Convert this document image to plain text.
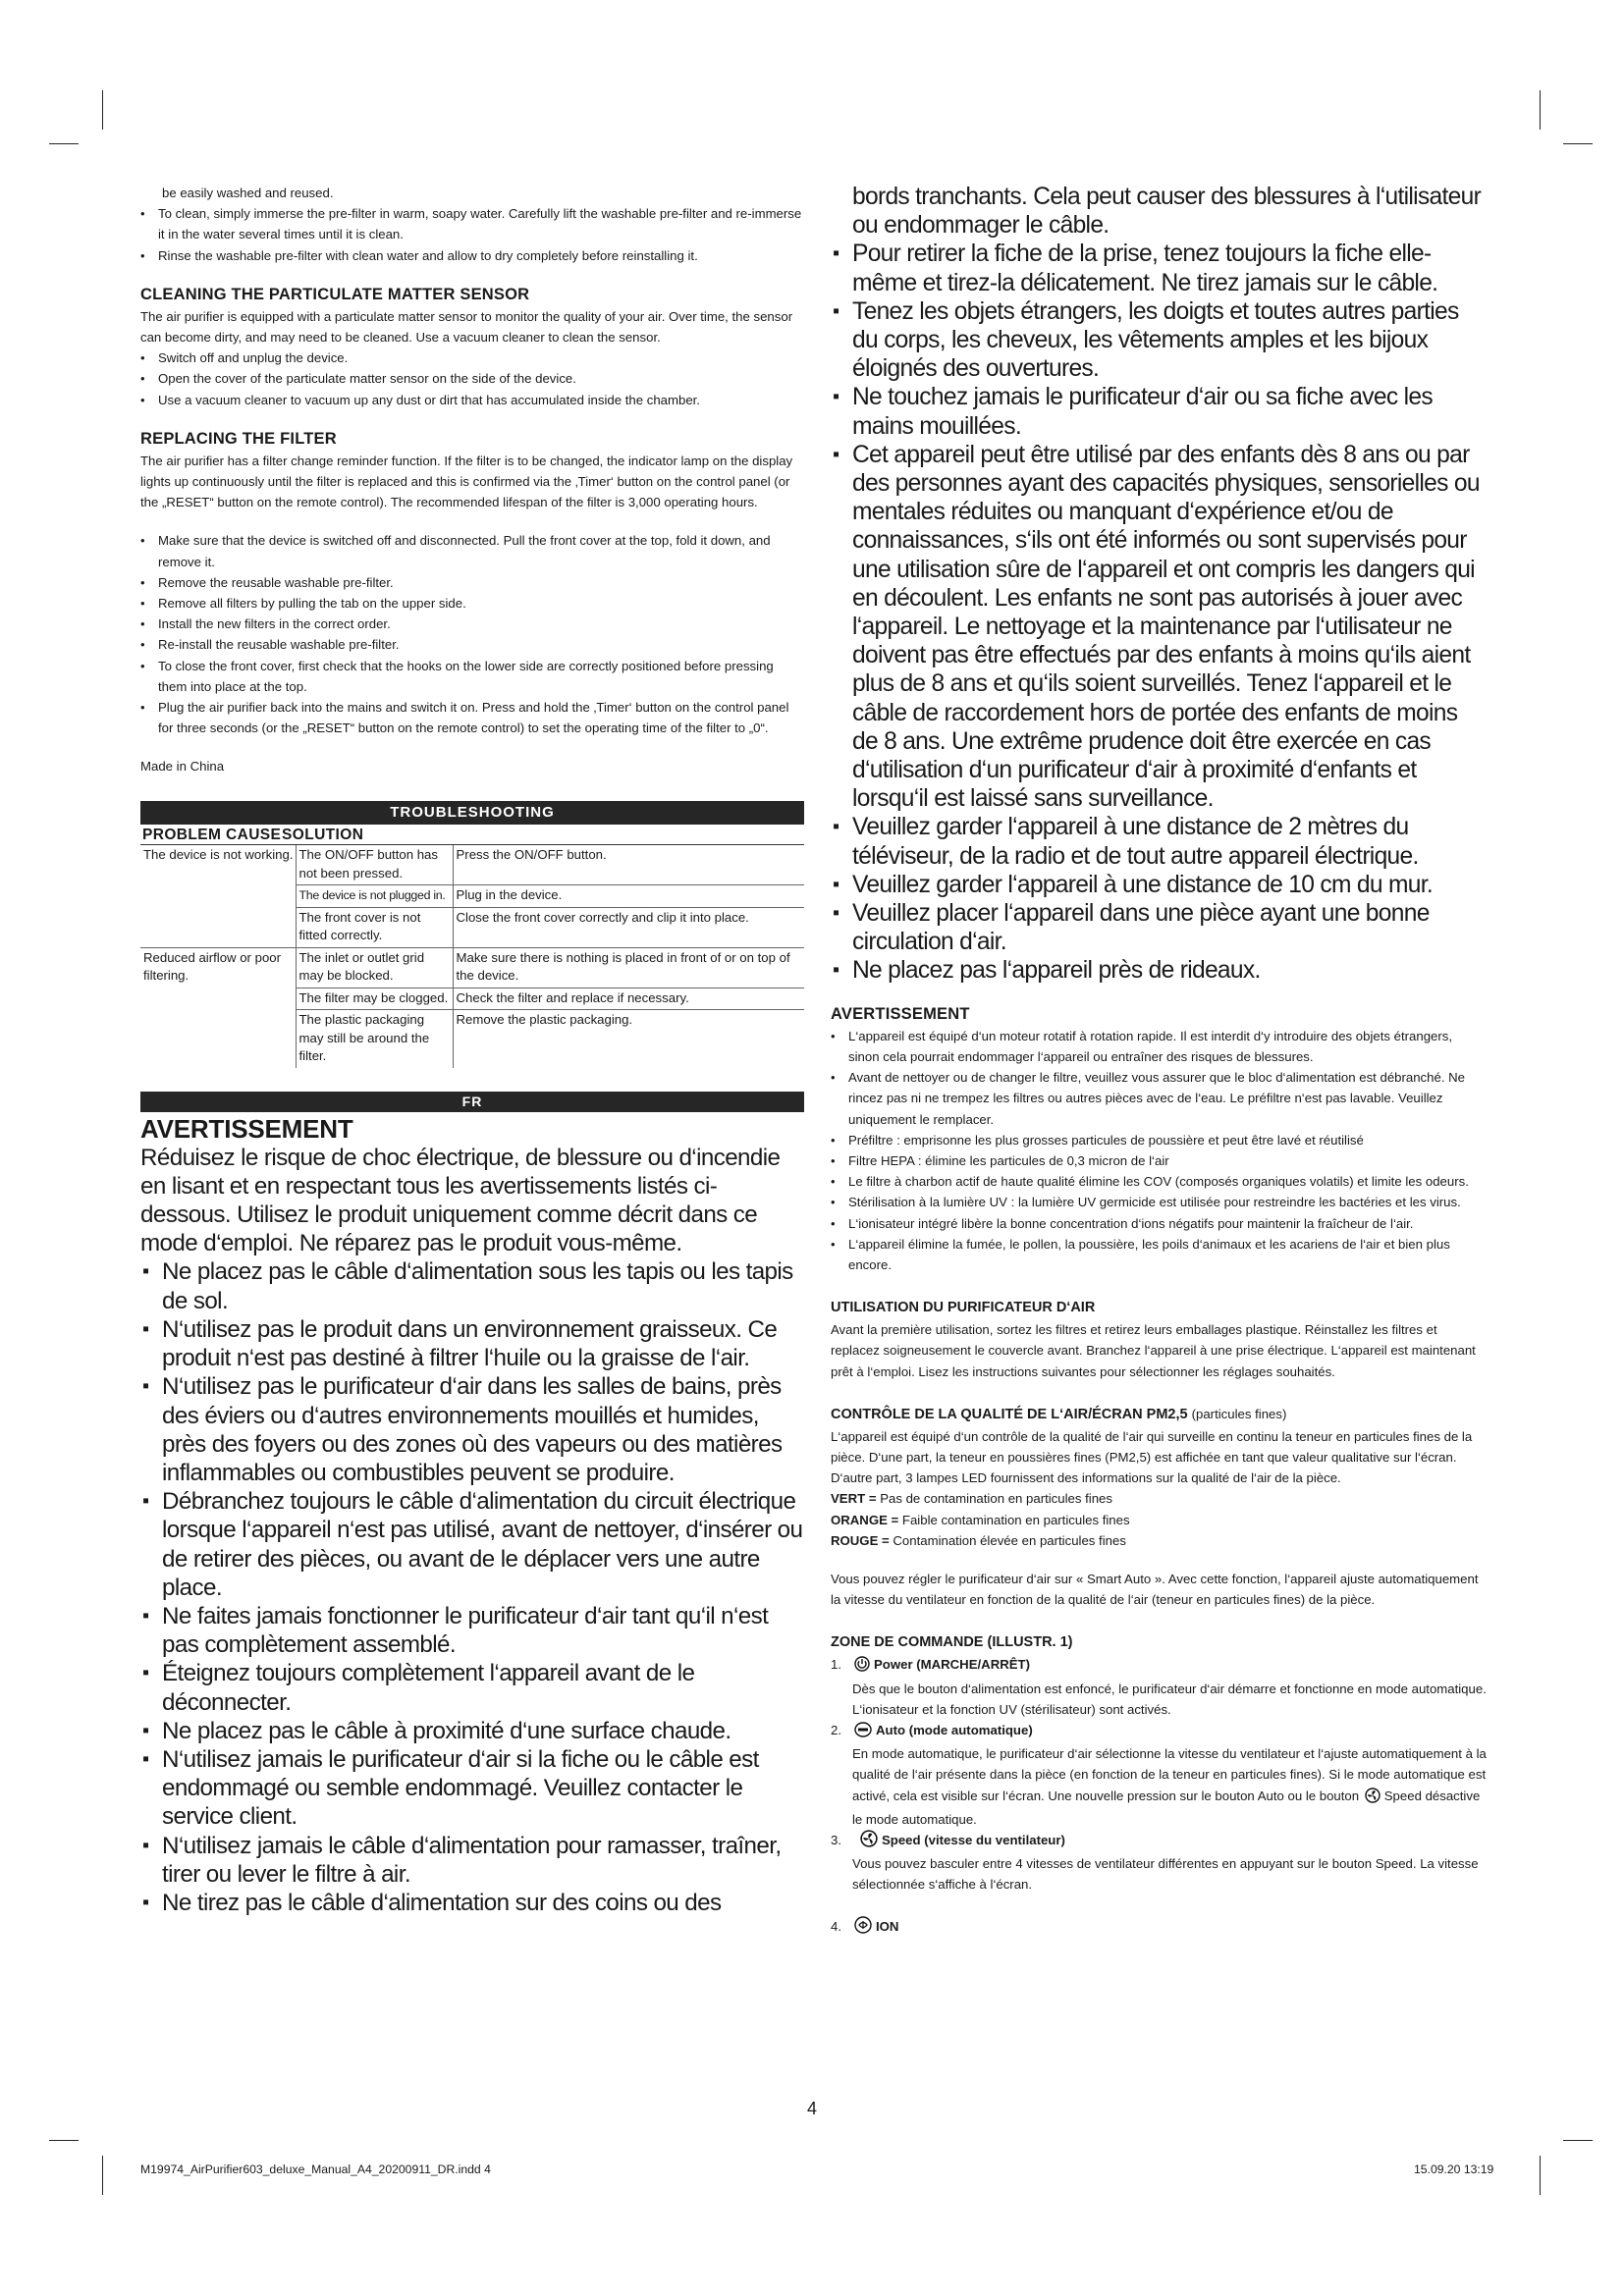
be easily washed and reused.

• To clean, simply immerse the pre-filter in warm, soapy water. Carefully lift the washable pre-filter and re-immerse it in the water several times until it is clean.
• Rinse the washable pre-filter with clean water and allow to dry completely before reinstalling it.
CLEANING THE PARTICULATE MATTER SENSOR

The air purifier is equipped with a particulate matter sensor to monitor the quality of your air. Over time, the sensor can become dirty, and may need to be cleaned. Use a vacuum cleaner to clean the sensor.

• Switch off and unplug the device.
• Open the cover of the particulate matter sensor on the side of the device.
• Use a vacuum cleaner to vacuum up any dust or dirt that has accumulated inside the chamber.
REPLACING THE FILTER

The air purifier has a filter change reminder function. If the filter is to be changed, the indicator lamp on the display lights up continuously until the filter is replaced and this is confirmed via the ‚Timer‘ button on the control panel (or the „RESET“ button on the remote control). The recommended lifespan of the filter is 3,000 operating hours.

• Make sure that the device is switched off and disconnected. Pull the front cover at the top, fold it down, and remove it.
• Remove the reusable washable pre-filter.
• Remove all filters by pulling the tab on the upper side.
• Install the new filters in the correct order.
• Re-install the reusable washable pre-filter.
• To close the front cover, first check that the hooks on the lower side are correctly positioned before pressing them into place at the top.
• Plug the air purifier back into the mains and switch it on. Press and hold the ‚Timer‘ button on the control panel for three seconds (or the „RESET“ button on the remote control) to set the operating time of the filter to „0“.

Made in China

TROUBLESHOOTING
PROBLEM CAUSE SOLUTION		
The device is not working.	The ON/OFF button has not been pressed.	Press the ON/OFF button.
	The device is not plugged in.	Plug in the device.
	The front cover is not fitted correctly.	Close the front cover correctly and clip it into place.
Reduced airflow or poor filtering.	The inlet or outlet grid may be blocked.	Make sure there is nothing is placed in front of or on top of the device.
	The filter may be clogged.	Check the filter and replace if necessary.
	The plastic packaging may still be around the filter.	Remove the plastic packaging.
FR
AVERTISSEMENT

Réduisez le risque de choc électrique, de blessure ou d‘incendie en lisant et en respectant tous les avertissements listés ci-dessous. Utilisez le produit uniquement comme décrit dans ce mode d‘emploi. Ne réparez pas le produit vous-même.

▪ Ne placez pas le câble d‘alimentation sous les tapis ou les tapis de sol.
▪ N‘utilisez pas le produit dans un environnement graisseux. Ce produit n‘est pas destiné à filtrer l‘huile ou la graisse de l‘air.
▪ N‘utilisez pas le purificateur d‘air dans les salles de bains, près des éviers ou d‘autres environnements mouillés et humides, près des foyers ou des zones où des vapeurs ou des matières inflammables ou combustibles peuvent se produire.
▪ Débranchez toujours le câble d‘alimentation du circuit électrique lorsque l‘appareil n‘est pas utilisé, avant de nettoyer, d‘insérer ou de retirer des pièces, ou avant de le déplacer vers une autre place.
▪ Ne faites jamais fonctionner le purificateur d‘air tant qu‘il n‘est pas complètement assemblé.
▪ Éteignez toujours complètement l‘appareil avant de le déconnecter.
▪ Ne placez pas le câble à proximité d‘une surface chaude.
▪ N‘utilisez jamais le purificateur d‘air si la fiche ou le câble est endommagé ou semble endommagé. Veuillez contacter le service client.
▪ N‘utilisez jamais le câble d‘alimentation pour ramasser, traîner, tirer ou lever le filtre à air.
▪ Ne tirez pas le câble d‘alimentation sur des coins ou des

bords tranchants. Cela peut causer des blessures à l‘utilisateur ou endommager le câble.

▪ Pour retirer la fiche de la prise, tenez toujours la fiche elle-même et tirez-la délicatement. Ne tirez jamais sur le câble.
▪ Tenez les objets étrangers, les doigts et toutes autres parties du corps, les cheveux, les vêtements amples et les bijoux éloignés des ouvertures.
▪ Ne touchez jamais le purificateur d‘air ou sa fiche avec les mains mouillées.
▪ Cet appareil peut être utilisé par des enfants dès 8 ans ou par des personnes ayant des capacités physiques, sensorielles ou mentales réduites ou manquant d‘expérience et/ou de connaissances, s‘ils ont été informés ou sont supervisés pour une utilisation sûre de l‘appareil et ont compris les dangers qui en découlent. Les enfants ne sont pas autorisés à jouer avec l‘appareil. Le nettoyage et la maintenance par l‘utilisateur ne doivent pas être effectués par des enfants à moins qu‘ils aient plus de 8 ans et qu‘ils soient surveillés. Tenez l‘appareil et le câble de raccordement hors de portée des enfants de moins de 8 ans. Une extrême prudence doit être exercée en cas d‘utilisation d‘un purificateur d‘air à proximité d‘enfants et lorsqu‘il est laissé sans surveillance.
▪ Veuillez garder l‘appareil à une distance de 2 mètres du téléviseur, de la radio et de tout autre appareil électrique.
▪ Veuillez garder l‘appareil à une distance de 10 cm du mur.
▪ Veuillez placer l‘appareil dans une pièce ayant une bonne circulation d‘air.
▪ Ne placez pas l‘appareil près de rideaux.
AVERTISSEMENT
• L‘appareil est équipé d‘un moteur rotatif à rotation rapide. Il est interdit d‘y introduire des objets étrangers, sinon cela pourrait endommager l‘appareil ou entraîner des risques de blessures.
• Avant de nettoyer ou de changer le filtre, veuillez vous assurer que le bloc d‘alimentation est débranché. Ne rincez pas ni ne trempez les filtres ou autres pièces avec de l‘eau. Le préfiltre n‘est pas lavable. Veuillez uniquement le remplacer.
• Préfiltre : emprisonne les plus grosses particules de poussière et peut être lavé et réutilisé
• Filtre HEPA : élimine les particules de 0,3 micron de l‘air
• Le filtre à charbon actif de haute qualité élimine les COV (composés organiques volatils) et limite les odeurs.
• Stérilisation à la lumière UV : la lumière UV germicide est utilisée pour restreindre les bactéries et les virus.
• L‘ionisateur intégré libère la bonne concentration d‘ions négatifs pour maintenir la fraîcheur de l‘air.
• L‘appareil élimine la fumée, le pollen, la poussière, les poils d‘animaux et les acariens de l‘air et bien plus encore.
UTILISATION DU PURIFICATEUR D‘AIR

Avant la première utilisation, sortez les filtres et retirez leurs emballages plastique. Réinstallez les filtres et replacez soigneusement le couvercle avant. Branchez l‘appareil à une prise électrique. L‘appareil est maintenant prêt à l‘emploi. Lisez les instructions suivantes pour sélectionner les réglages souhaités.

CONTRÔLE DE LA QUALITÉ DE L‘AIR/ÉCRAN PM2,5 (particules fines)

L‘appareil est équipé d‘un contrôle de la qualité de l‘air qui surveille en continu la teneur en particules fines de la pièce. D‘une part, la teneur en poussières fines (PM2,5) est affichée en tant que valeur qualitative sur l‘écran. D‘autre part, 3 lampes LED fournissent des informations sur la qualité de l‘air de la pièce.

VERT = Pas de contamination en particules fines

ORANGE = Faible contamination en particules fines

ROUGE = Contamination élevée en particules fines

Vous pouvez régler le purificateur d‘air sur « Smart Auto ». Avec cette fonction, l‘appareil ajuste automatiquement la vitesse du ventilateur en fonction de la qualité de l‘air (teneur en particules fines) de la pièce.

ZONE DE COMMANDE (ILLUSTR. 1)
1.	Power (MARCHE/ARRÊT)
Dès que le bouton d‘alimentation est enfoncé, le purificateur d‘air démarre et fonctionne en mode automatique. L‘ionisateur et la fonction UV (stérilisateur) sont activés.
2.	Auto (mode automatique)
En mode automatique, le purificateur d‘air sélectionne la vitesse du ventilateur et l‘ajuste automatiquement à la qualité de l‘air présente dans la pièce (en fonction de la teneur en particules fines). Si le mode automatique est activé, cela est visible sur l‘écran. Une nouvelle pression sur le bouton Auto ou le bouton Speed désactive le mode automatique.
3.	Speed (vitesse du ventilateur)
Vous pouvez basculer entre 4 vitesses de ventilateur différentes en appuyant sur le bouton Speed. La vitesse sélectionnée s‘affiche à l‘écran.
4.	ION
4
M19974_AirPurifier603_deluxe_Manual_A4_20200911_DR.indd 4	15.09.20 13:19
